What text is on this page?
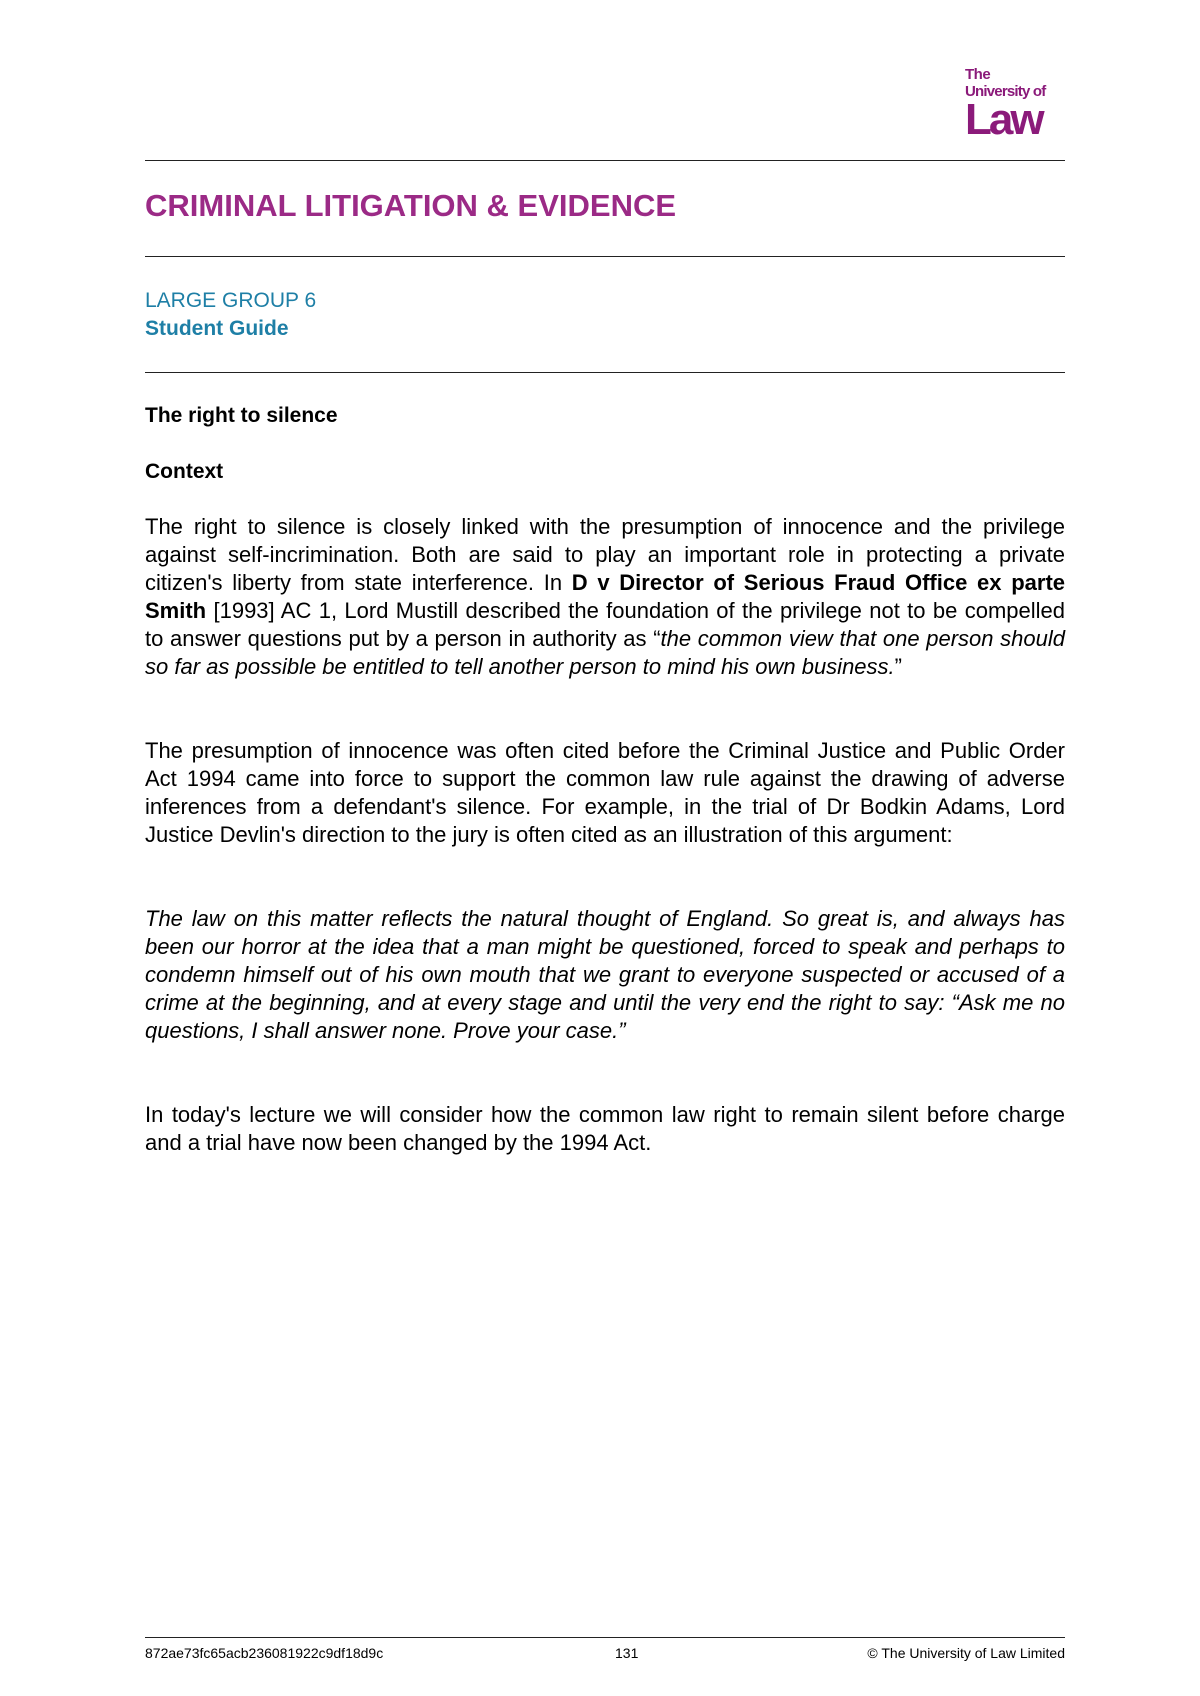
The
University of
Law
CRIMINAL LITIGATION & EVIDENCE
LARGE GROUP 6
Student Guide
The right to silence
Context

The right to silence is closely linked with the presumption of innocence and the privilege against self-incrimination. Both are said to play an important role in protecting a private citizen's liberty from state interference. In D v Director of Serious Fraud Office ex parte Smith [1993] AC 1, Lord Mustill described the foundation of the privilege not to be compelled to answer questions put by a person in authority as “the common view that one person should so far as possible be entitled to tell another person to mind his own business.”

The presumption of innocence was often cited before the Criminal Justice and Public Order Act 1994 came into force to support the common law rule against the drawing of adverse inferences from a defendant's silence. For example, in the trial of Dr Bodkin Adams, Lord Justice Devlin's direction to the jury is often cited as an illustration of this argument:

The law on this matter reflects the natural thought of England. So great is, and always has been our horror at the idea that a man might be questioned, forced to speak and perhaps to condemn himself out of his own mouth that we grant to everyone suspected or accused of a crime at the beginning, and at every stage and until the very end the right to say: “Ask me no questions, I shall answer none. Prove your case.”

In today's lecture we will consider how the common law right to remain silent before charge and a trial have now been changed by the 1994 Act.

872ae73fc65acb236081922c9df18d9c	131	© The University of Law Limited
